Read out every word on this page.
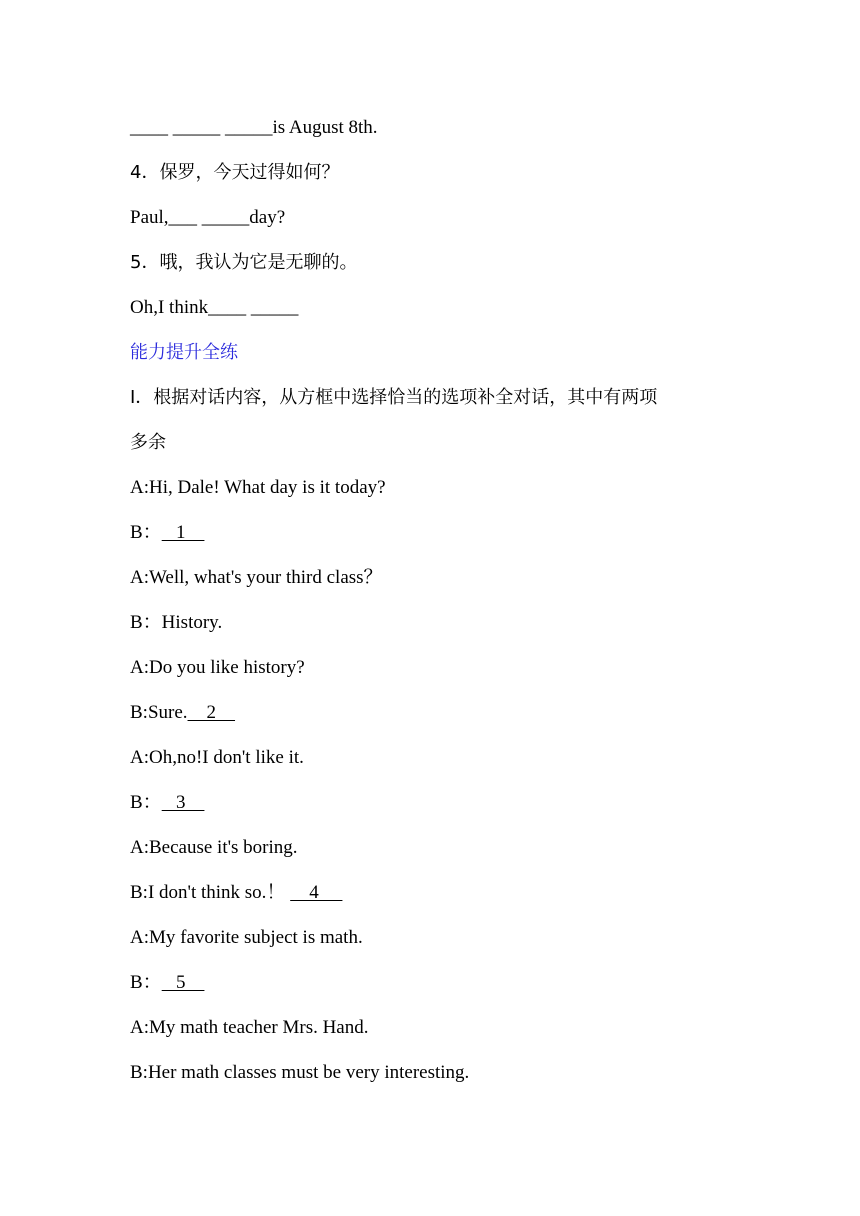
____ _____ _____is August 8th.
4．保罗，今天过得如何？
Paul,___ _____day?
5．哦，我认为它是无聊的。
Oh,I think____ _____
能力提升全练
Ⅰ．根据对话内容，从方框中选择恰当的选项补全对话，其中有两项
多余
A:Hi, Dale! What day is it today?
B：   1
A:Well, what's your third class？
B：History.
A:Do you like history?
B:Sure.    2
A:Oh,no!I don't like it.
B：   3
A:Because it's boring.
B:I don't think so.！     4
A:My favorite subject is math.
B：   5
A:My math teacher Mrs. Hand.
B:Her math classes must be very interesting.
